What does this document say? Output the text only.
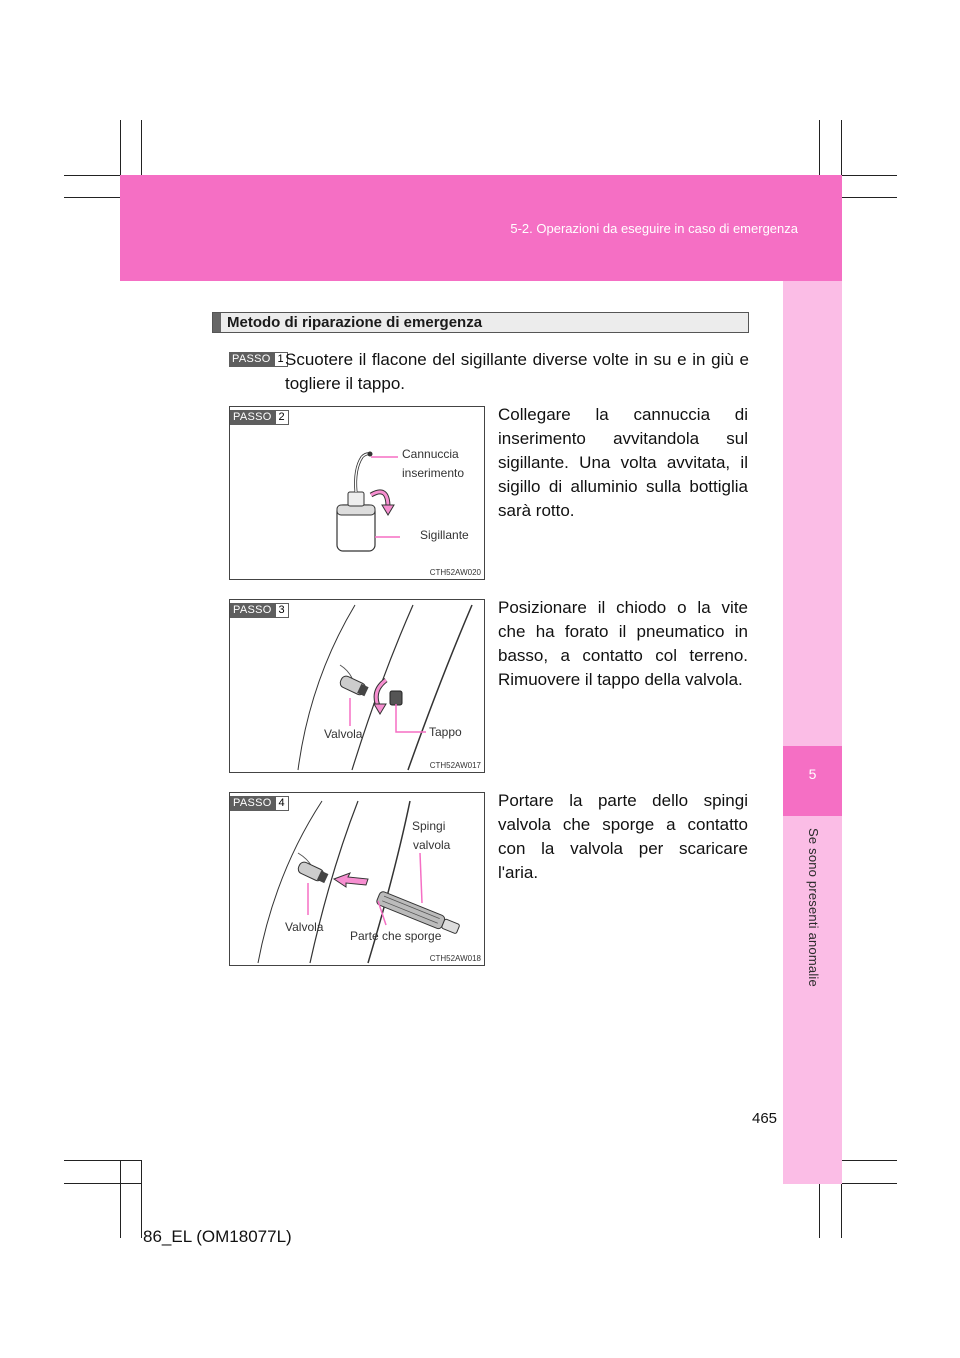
5-2. Operazioni da eseguire in caso di emergenza
5
Se sono presenti anomalie
Metodo di riparazione di emergenza
PASSO 1 Scuotere il flacone del sigillante diverse volte in su e in giù e togliere il tappo.
PASSO 2
Cannuccia
inserimento
Sigillante
CTH52AW020
Collegare la cannuccia di inserimento avvitandola sul sigillante. Una volta avvitata, il sigillo di alluminio sulla bottiglia sarà rotto.
PASSO 3
Valvola	Tappo
CTH52AW017
Posizionare il chiodo o la vite che ha forato il pneumatico in basso, a contatto col terreno. Rimuovere il tappo della valvola.
PASSO 4
Spingi
valvola
Valvola
Parte che sporge
CTH52AW018
Portare la parte dello spingi valvola che sporge a contatto con la valvola per scaricare l'aria.
465
86_EL (OM18077L)
